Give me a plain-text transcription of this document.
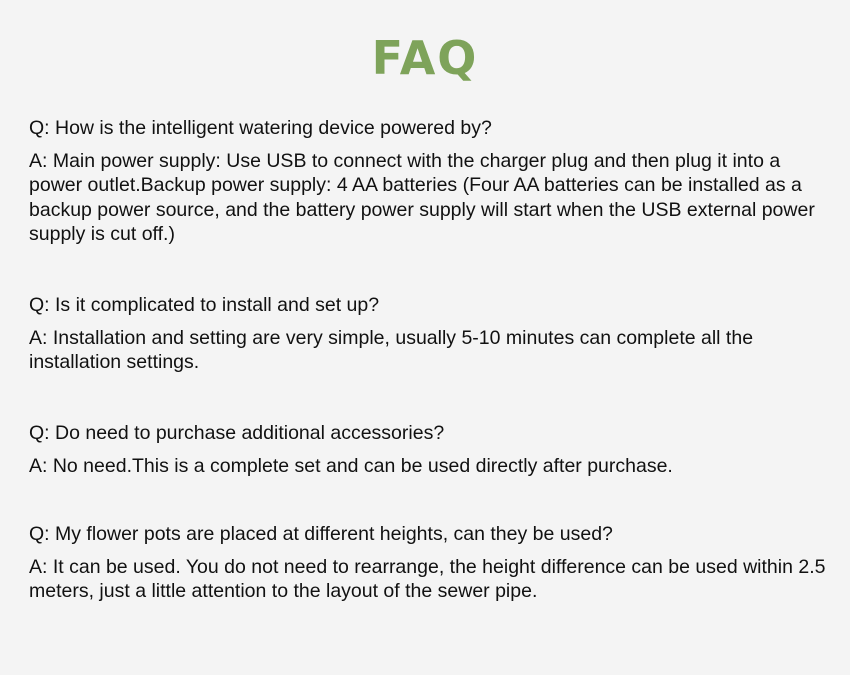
FAQ

Q: How is the intelligent watering device powered by?

A: Main power supply: Use USB to connect with the charger plug and then plug it into a power outlet.Backup power supply: 4 AA batteries (Four AA batteries can be installed as a backup power source, and the battery power supply will start when the USB external power supply is cut off.)

Q: Is it complicated to install and set up?

A: Installation and setting are very simple, usually 5-10 minutes can complete all the installation settings.

Q: Do need to purchase additional accessories?

A: No need.This is a complete set and can be used directly after purchase.

Q: My flower pots are placed at different heights, can they be used?

A: It can be used. You do not need to rearrange, the height difference can be used within 2.5 meters, just a little attention to the layout of the sewer pipe.
